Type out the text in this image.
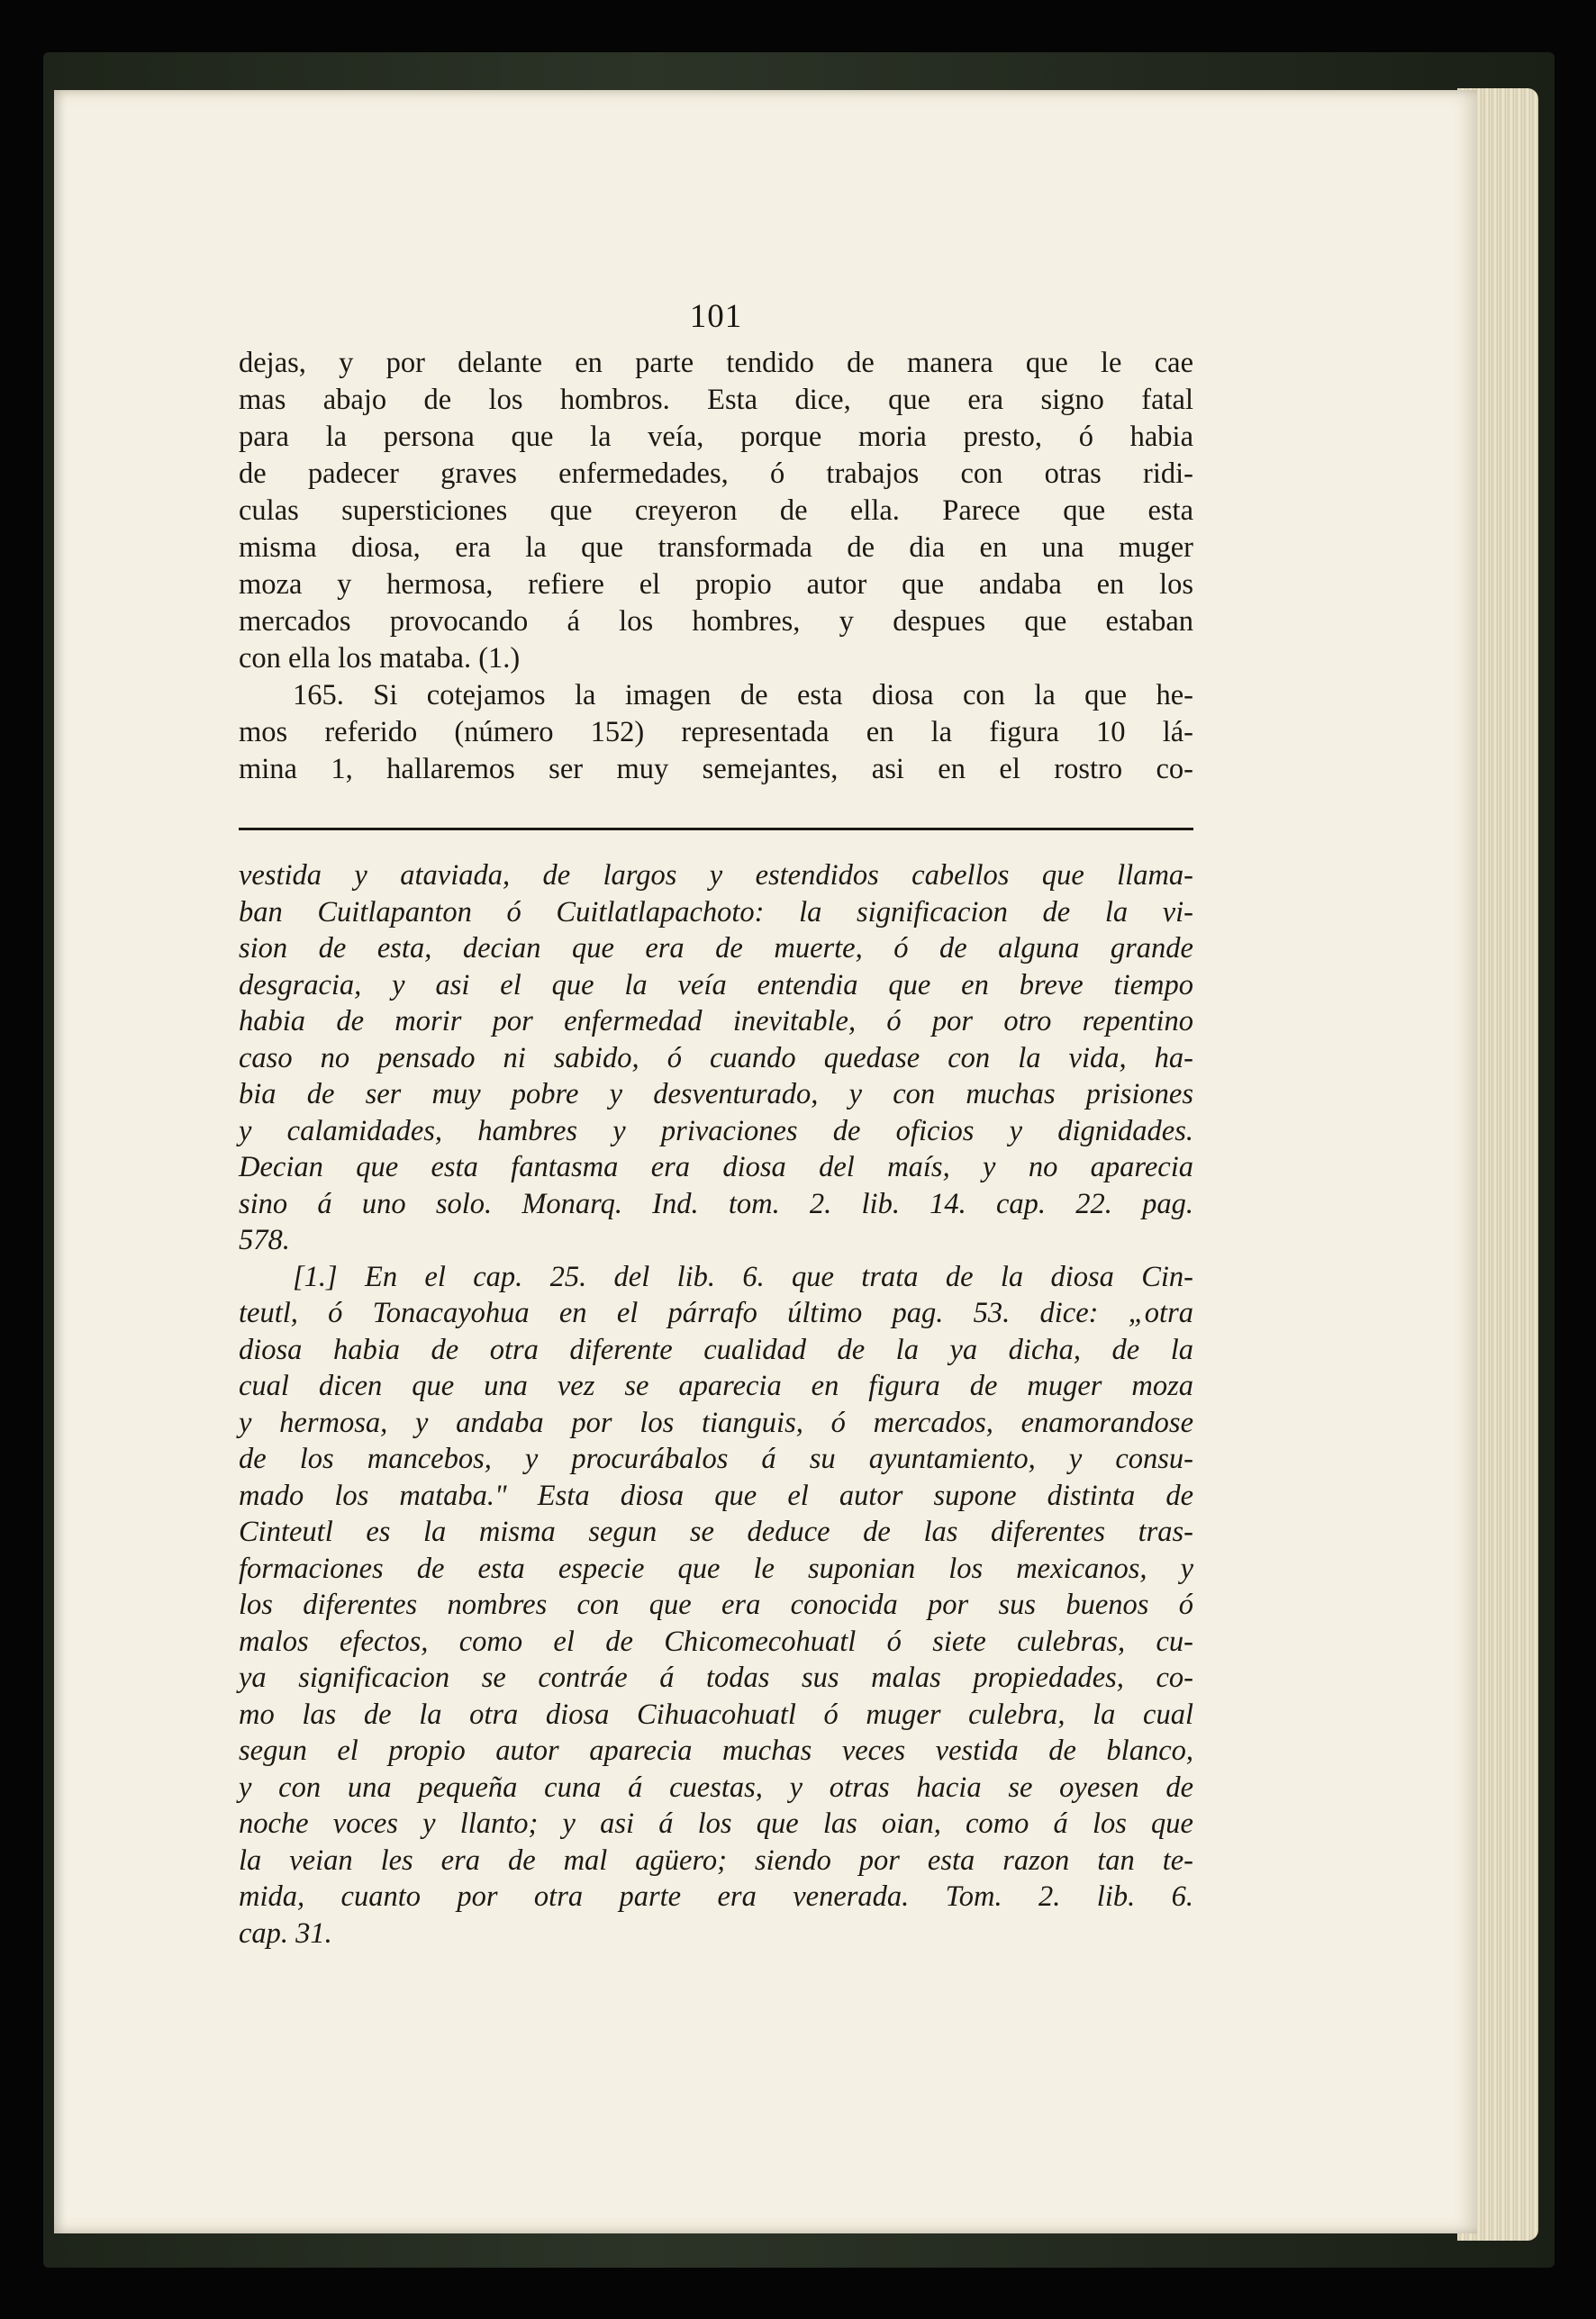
101
dejas, y por delante en parte tendido de manera que le cae
mas abajo de los hombros. Esta dice, que era signo fatal
para la persona que la veía, porque moria presto, ó habia
de padecer graves enfermedades, ó trabajos con otras ridi-
culas supersticiones que creyeron de ella. Parece que esta
misma diosa, era la que transformada de dia en una muger
moza y hermosa, refiere el propio autor que andaba en los
mercados provocando á los hombres, y despues que estaban
con ella los mataba. (1.)
165. Si cotejamos la imagen de esta diosa con la que he-
mos referido (número 152) representada en la figura 10 lá-
mina 1, hallaremos ser muy semejantes, asi en el rostro co-
vestida y ataviada, de largos y estendidos cabellos que llama-
ban Cuitlapanton ó Cuitlatlapachoto: la significacion de la vi-
sion de esta, decian que era de muerte, ó de alguna grande
desgracia, y asi el que la veía entendia que en breve tiempo
habia de morir por enfermedad inevitable, ó por otro repentino
caso no pensado ni sabido, ó cuando quedase con la vida, ha-
bia de ser muy pobre y desventurado, y con muchas prisiones
y calamidades, hambres y privaciones de oficios y dignidades.
Decian que esta fantasma era diosa del maís, y no aparecia
sino á uno solo. Monarq. Ind. tom. 2. lib. 14. cap. 22. pag.
578.
[1.] En el cap. 25. del lib. 6. que trata de la diosa Cin-
teutl, ó Tonacayohua en el párrafo último pag. 53. dice: „otra
diosa habia de otra diferente cualidad de la ya dicha, de la
cual dicen que una vez se aparecia en figura de muger moza
y hermosa, y andaba por los tianguis, ó mercados, enamorandose
de los mancebos, y procurábalos á su ayuntamiento, y consu-
mado los mataba." Esta diosa que el autor supone distinta de
Cinteutl es la misma segun se deduce de las diferentes tras-
formaciones de esta especie que le suponian los mexicanos, y
los diferentes nombres con que era conocida por sus buenos ó
malos efectos, como el de Chicomecohuatl ó siete culebras, cu-
ya significacion se contráe á todas sus malas propiedades, co-
mo las de la otra diosa Cihuacohuatl ó muger culebra, la cual
segun el propio autor aparecia muchas veces vestida de blanco,
y con una pequeña cuna á cuestas, y otras hacia se oyesen de
noche voces y llanto; y asi á los que las oian, como á los que
la veian les era de mal agüero; siendo por esta razon tan te-
mida, cuanto por otra parte era venerada. Tom. 2. lib. 6.
cap. 31.
